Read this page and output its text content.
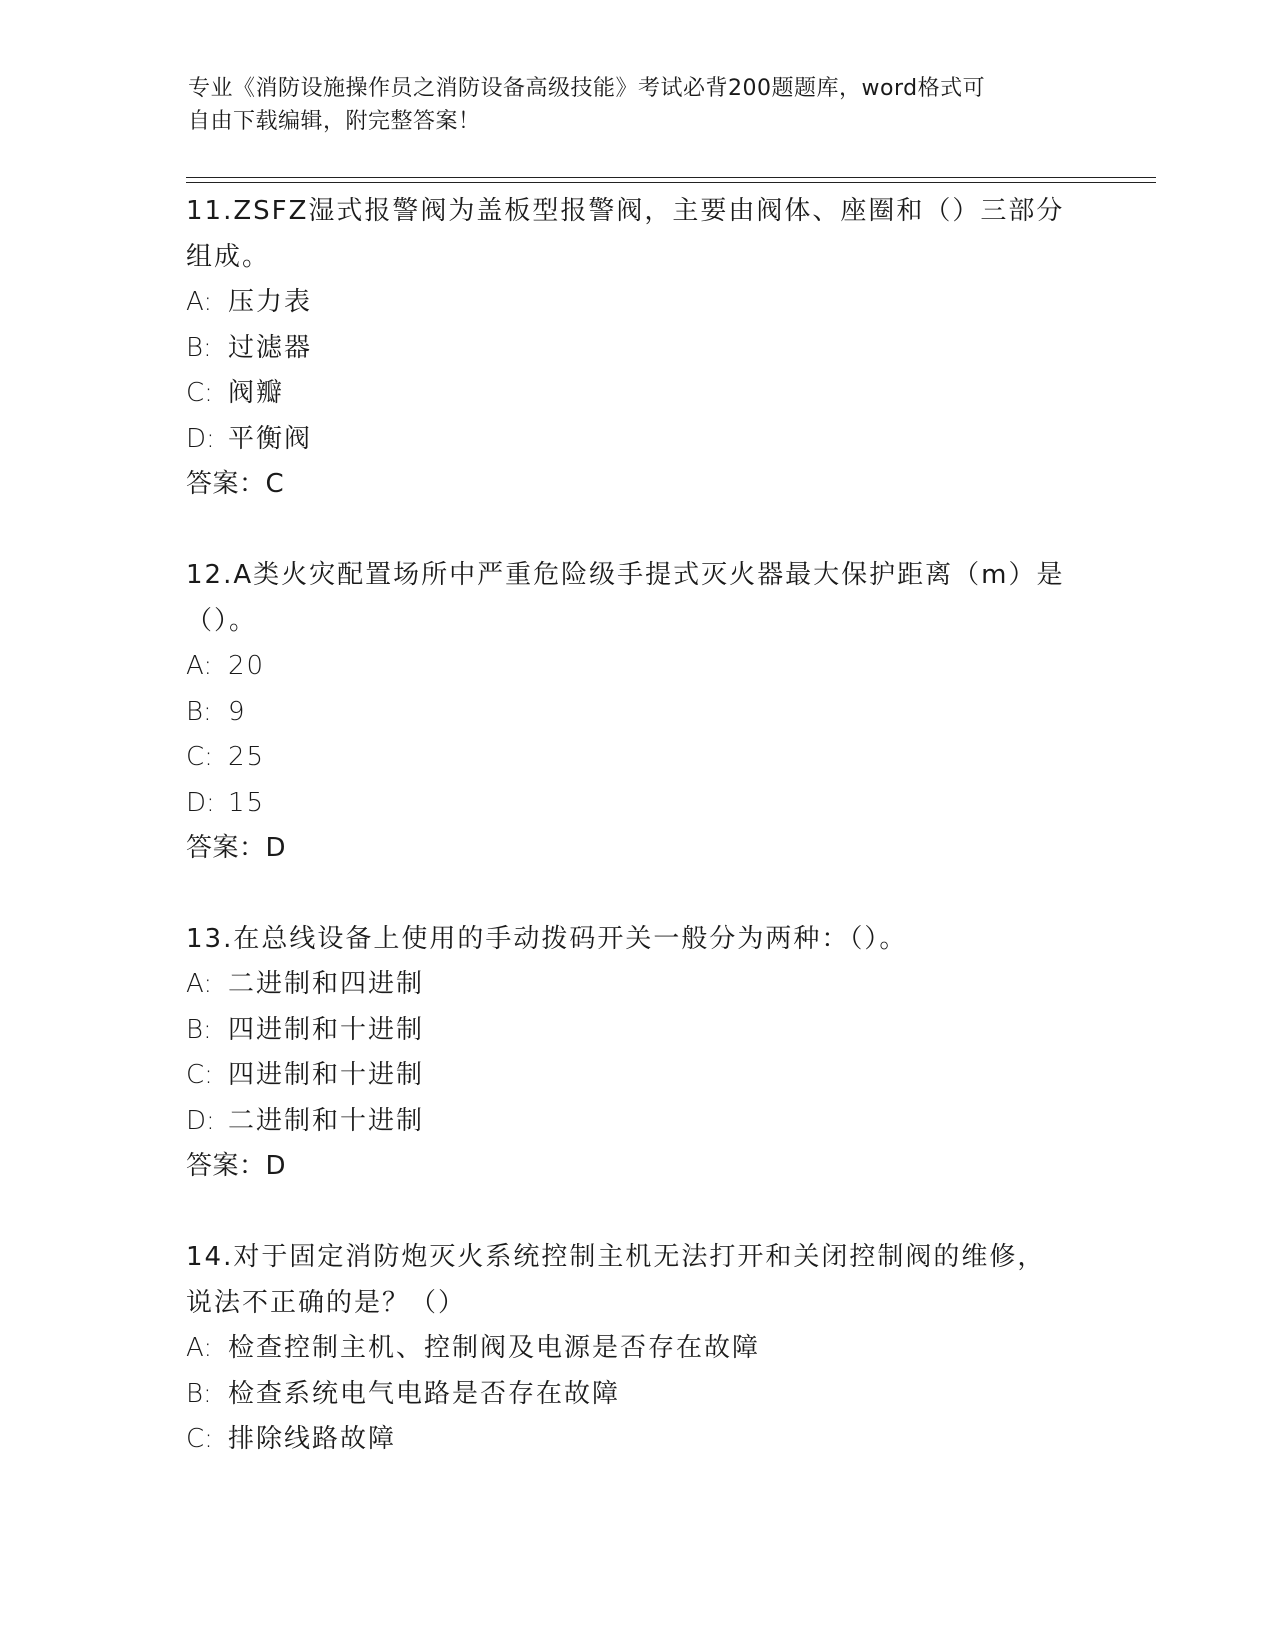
专业《消防设施操作员之消防设备高级技能》考试必背200题题库，word格式可
自由下载编辑，附完整答案！
11.ZSFZ湿式报警阀为盖板型报警阀，主要由阀体、座圈和（）三部分
组成。
A: 压力表
B: 过滤器
C: 阀瓣
D: 平衡阀
答案：C
12.A类火灾配置场所中严重危险级手提式灭火器最大保护距离（m）是
（）。
A: 20
B: 9
C: 25
D: 15
答案：D
13.在总线设备上使用的手动拨码开关一般分为两种：（）。
A: 二进制和四进制
B: 四进制和十进制
C: 四进制和十进制
D: 二进制和十进制
答案：D
14.对于固定消防炮灭火系统控制主机无法打开和关闭控制阀的维修，
说法不正确的是？（）
A: 检查控制主机、控制阀及电源是否存在故障
B: 检查系统电气电路是否存在故障
C: 排除线路故障
